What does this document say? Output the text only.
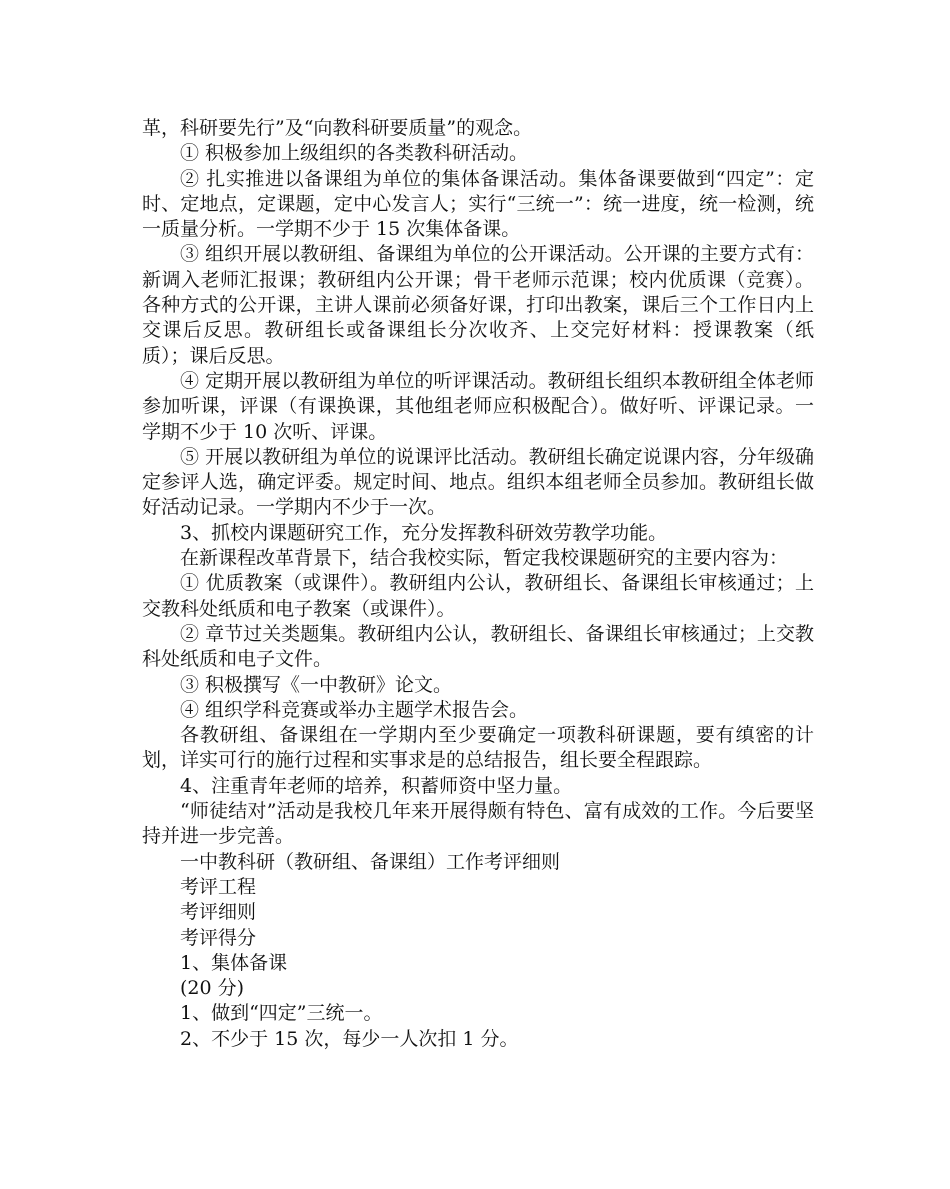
革，科研要先行”及“向教科研要质量”的观念。

① 积极参加上级组织的各类教科研活动。

② 扎实推进以备课组为单位的集体备课活动。集体备课要做到“四定”：定时、定地点，定课题，定中心发言人；实行“三统一”：统一进度，统一检测，统一质量分析。一学期不少于 15 次集体备课。

③ 组织开展以教研组、备课组为单位的公开课活动。公开课的主要方式有：新调入老师汇报课；教研组内公开课；骨干老师示范课；校内优质课（竞赛）。各种方式的公开课，主讲人课前必须备好课，打印出教案，课后三个工作日内上交课后反思。教研组长或备课组长分次收齐、上交完好材料：授课教案（纸质）；课后反思。

④ 定期开展以教研组为单位的听评课活动。教研组长组织本教研组全体老师参加听课，评课（有课换课，其他组老师应积极配合）。做好听、评课记录。一学期不少于 10 次听、评课。

⑤ 开展以教研组为单位的说课评比活动。教研组长确定说课内容，分年级确定参评人选，确定评委。规定时间、地点。组织本组老师全员参加。教研组长做好活动记录。一学期内不少于一次。

3、抓校内课题研究工作，充分发挥教科研效劳教学功能。

在新课程改革背景下，结合我校实际，暂定我校课题研究的主要内容为：

① 优质教案（或课件）。教研组内公认，教研组长、备课组长审核通过；上交教科处纸质和电子教案（或课件）。

② 章节过关类题集。教研组内公认，教研组长、备课组长审核通过；上交教科处纸质和电子文件。

③ 积极撰写《一中教研》论文。

④ 组织学科竞赛或举办主题学术报告会。

各教研组、备课组在一学期内至少要确定一项教科研课题，要有缜密的计划，详实可行的施行过程和实事求是的总结报告，组长要全程跟踪。

4、注重青年老师的培养，积蓄师资中坚力量。

“师徒结对”活动是我校几年来开展得颇有特色、富有成效的工作。今后要坚持并进一步完善。

一中教科研（教研组、备课组）工作考评细则

考评工程

考评细则

考评得分

1、集体备课

(20 分)

1、做到“四定”三统一。

2、不少于 15 次，每少一人次扣 1 分。
